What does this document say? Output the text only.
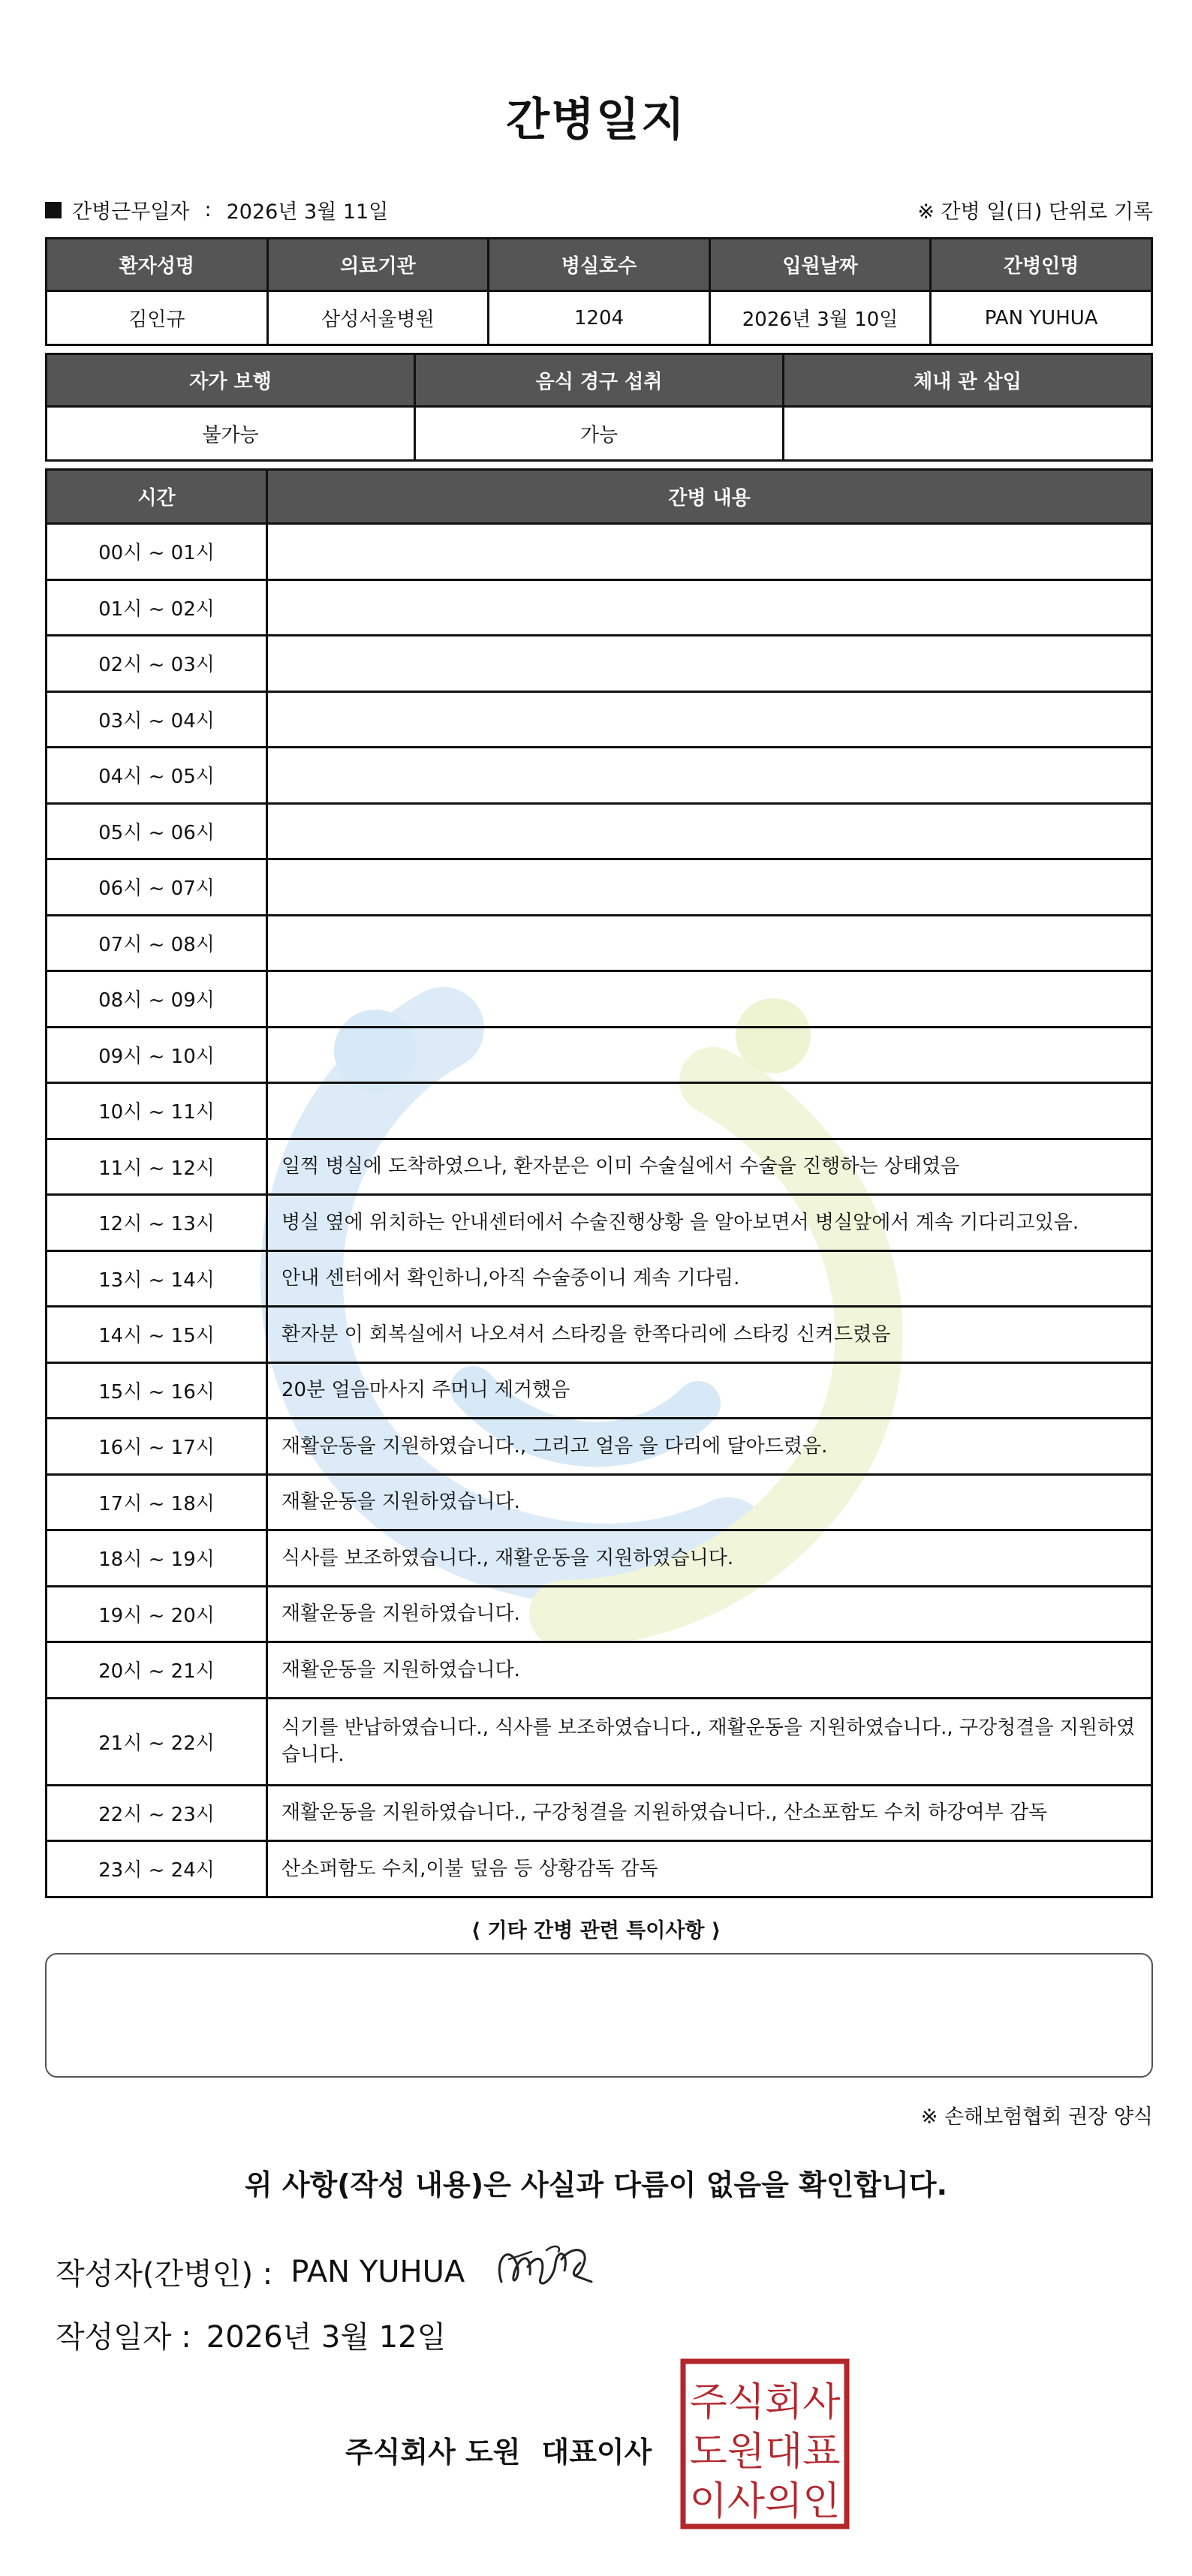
간병일지
간병근무일자 : 2026년 3월 11일	※ 간병 일(日) 단위로 기록
환자성명	의료기관	병실호수	입원날짜	간병인명
김인규	삼성서울병원	1204	2026년 3월 10일	PAN YUHUA
자가 보행	음식 경구 섭취	체내 관 삽입
불가능	가능	
시간	간병 내용
00시 ~ 01시	
01시 ~ 02시	
02시 ~ 03시	
03시 ~ 04시	
04시 ~ 05시	
05시 ~ 06시	
06시 ~ 07시	
07시 ~ 08시	
08시 ~ 09시	
09시 ~ 10시	
10시 ~ 11시	
11시 ~ 12시	일찍 병실에 도착하였으나, 환자분은 이미 수술실에서 수술을 진행하는 상태였음
12시 ~ 13시	병실 옆에 위치하는 안내센터에서 수술진행상황 을 알아보면서 병실앞에서 계속 기다리고있음.
13시 ~ 14시	안내 센터에서 확인하니,아직 수술중이니 계속 기다림.
14시 ~ 15시	환자분 이 회복실에서 나오셔서 스타킹을 한쪽다리에 스타킹 신켜드렸음
15시 ~ 16시	20분 얼음마사지 주머니 제거했음
16시 ~ 17시	재활운동을 지원하였습니다., 그리고 얼음 을 다리에 달아드렸음.
17시 ~ 18시	재활운동을 지원하였습니다.
18시 ~ 19시	식사를 보조하였습니다., 재활운동을 지원하였습니다.
19시 ~ 20시	재활운동을 지원하였습니다.
20시 ~ 21시	재활운동을 지원하였습니다.
21시 ~ 22시	식기를 반납하였습니다., 식사를 보조하였습니다., 재활운동을 지원하였습니다., 구강청결을 지원하였습니다.
22시 ~ 23시	재활운동을 지원하였습니다., 구강청결을 지원하였습니다., 산소포함도 수치 하강여부 감독
23시 ~ 24시	산소퍼함도 수치,이불 덮음 등 상황감독 감독
⟨ 기타 간병 관련 특이사항 ⟩
※ 손해보험협회 권장 양식
위 사항(작성 내용)은 사실과 다름이 없음을 확인합니다.
작성자(간병인) : PAN YUHUA
작성일자 : 2026년 3월 12일
주식회사 도원 대표이사
주식회사
도원대표
이사의인
